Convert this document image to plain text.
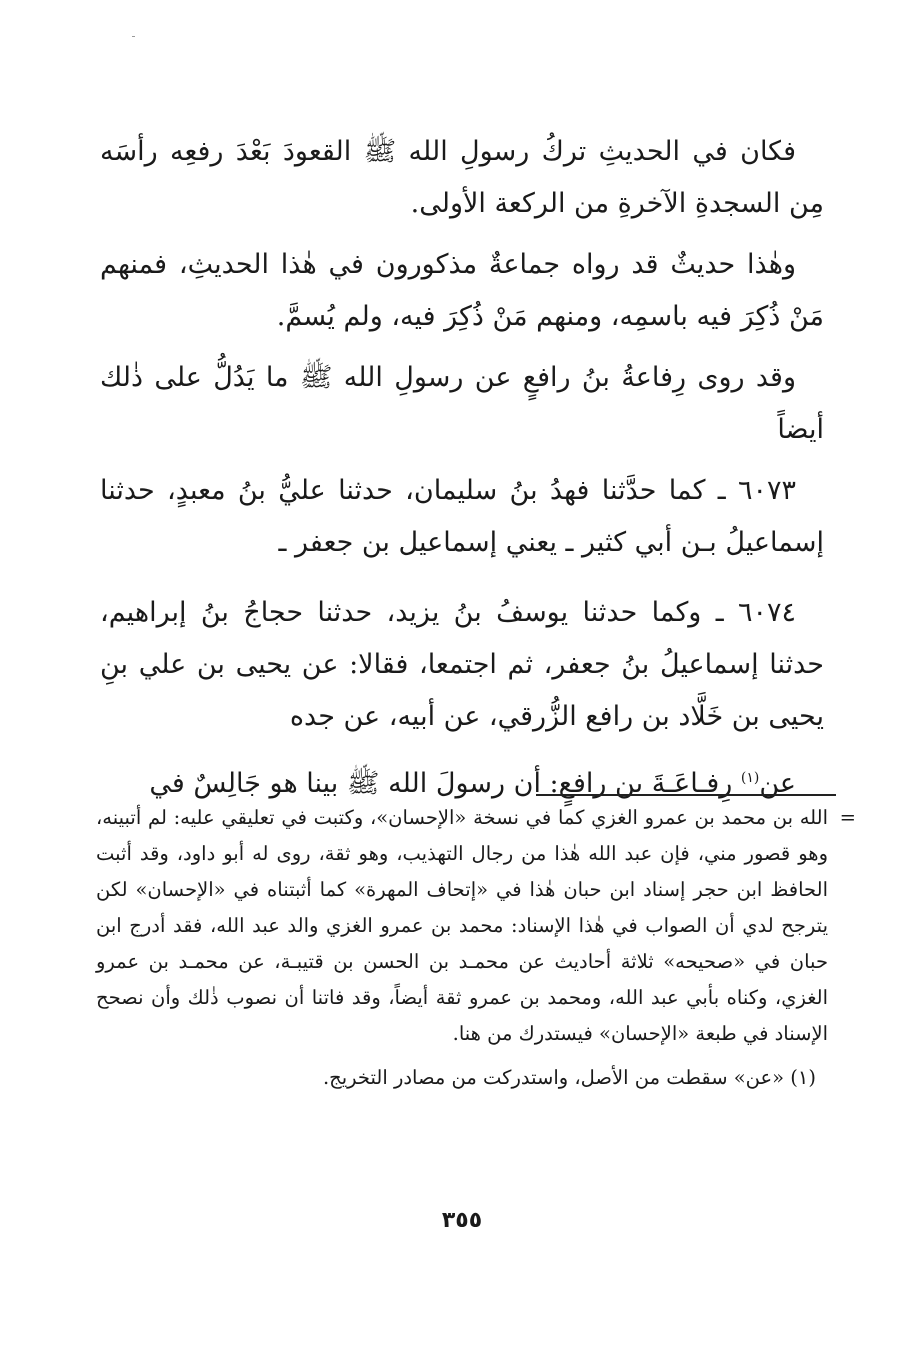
فكان في الحديثِ تركُ رسولِ الله ﷺ القعودَ بَعْدَ رفعِه رأسَه مِن السجدةِ الآخرةِ من الركعة الأولى.

وهٰذا حديثٌ قد رواه جماعةٌ مذكورون في هٰذا الحديثِ، فمنهم مَنْ ذُكِرَ فيه باسمِه، ومنهم مَنْ ذُكِرَ فيه، ولم يُسمَّ.

وقد روى رِفاعةُ بنُ رافعٍ عن رسولِ الله ﷺ ما يَدُلُّ على ذٰلك أيضاً

٦٠٧٣ ـ كما حدَّثنا فهدُ بنُ سليمان، حدثنا عليُّ بنُ معبدٍ، حدثنا إسماعيلُ بـن أبي كثير ـ يعني إسماعيل بن جعفر ـ

٦٠٧٤ ـ وكما حدثنا يوسفُ بنُ يزيد، حدثنا حجاجُ بنُ إبراهيم، حدثنا إسماعيلُ بنُ جعفر، ثم اجتمعا، فقالا: عن يحيى بن علي بنِ يحيى بن خَلَّاد بن رافع الزُّرقي، عن أبيه، عن جده

عن$^{(١)}$ رِفـاعَـةَ بن رافعٍ: أن رسولَ الله ﷺ بينا هو جَالِسٌ في

=
الله بن محمد بن عمرو الغزي كما في نسخة «الإحسان»، وكتبت في تعليقي عليه: لم أتبينه، وهو قصور مني، فإن عبد الله هٰذا من رجال التهذيب، وهو ثقة، روى له أبو داود، وقد أثبت الحافظ ابن حجر إسناد ابن حبان هٰذا في «إتحاف المهرة» كما أثبتناه في «الإحسان» لكن يترجح لدي أن الصواب في هٰذا الإسناد: محمد بن عمرو الغزي والد عبد الله، فقد أدرج ابن حبان في «صحيحه» ثلاثة أحاديث عن محمـد بن الحسن بن قتيبـة، عن محمـد بن عمرو الغزي، وكناه بأبي عبد الله، ومحمد بن عمرو ثقة أيضاً، وقد فاتنا أن نصوب ذٰلك وأن نصحح الإسناد في طبعة «الإحسان» فيستدرك من هنا.

(١) «عن» سقطت من الأصل، واستدركت من مصادر التخريج.

٣٥٥
